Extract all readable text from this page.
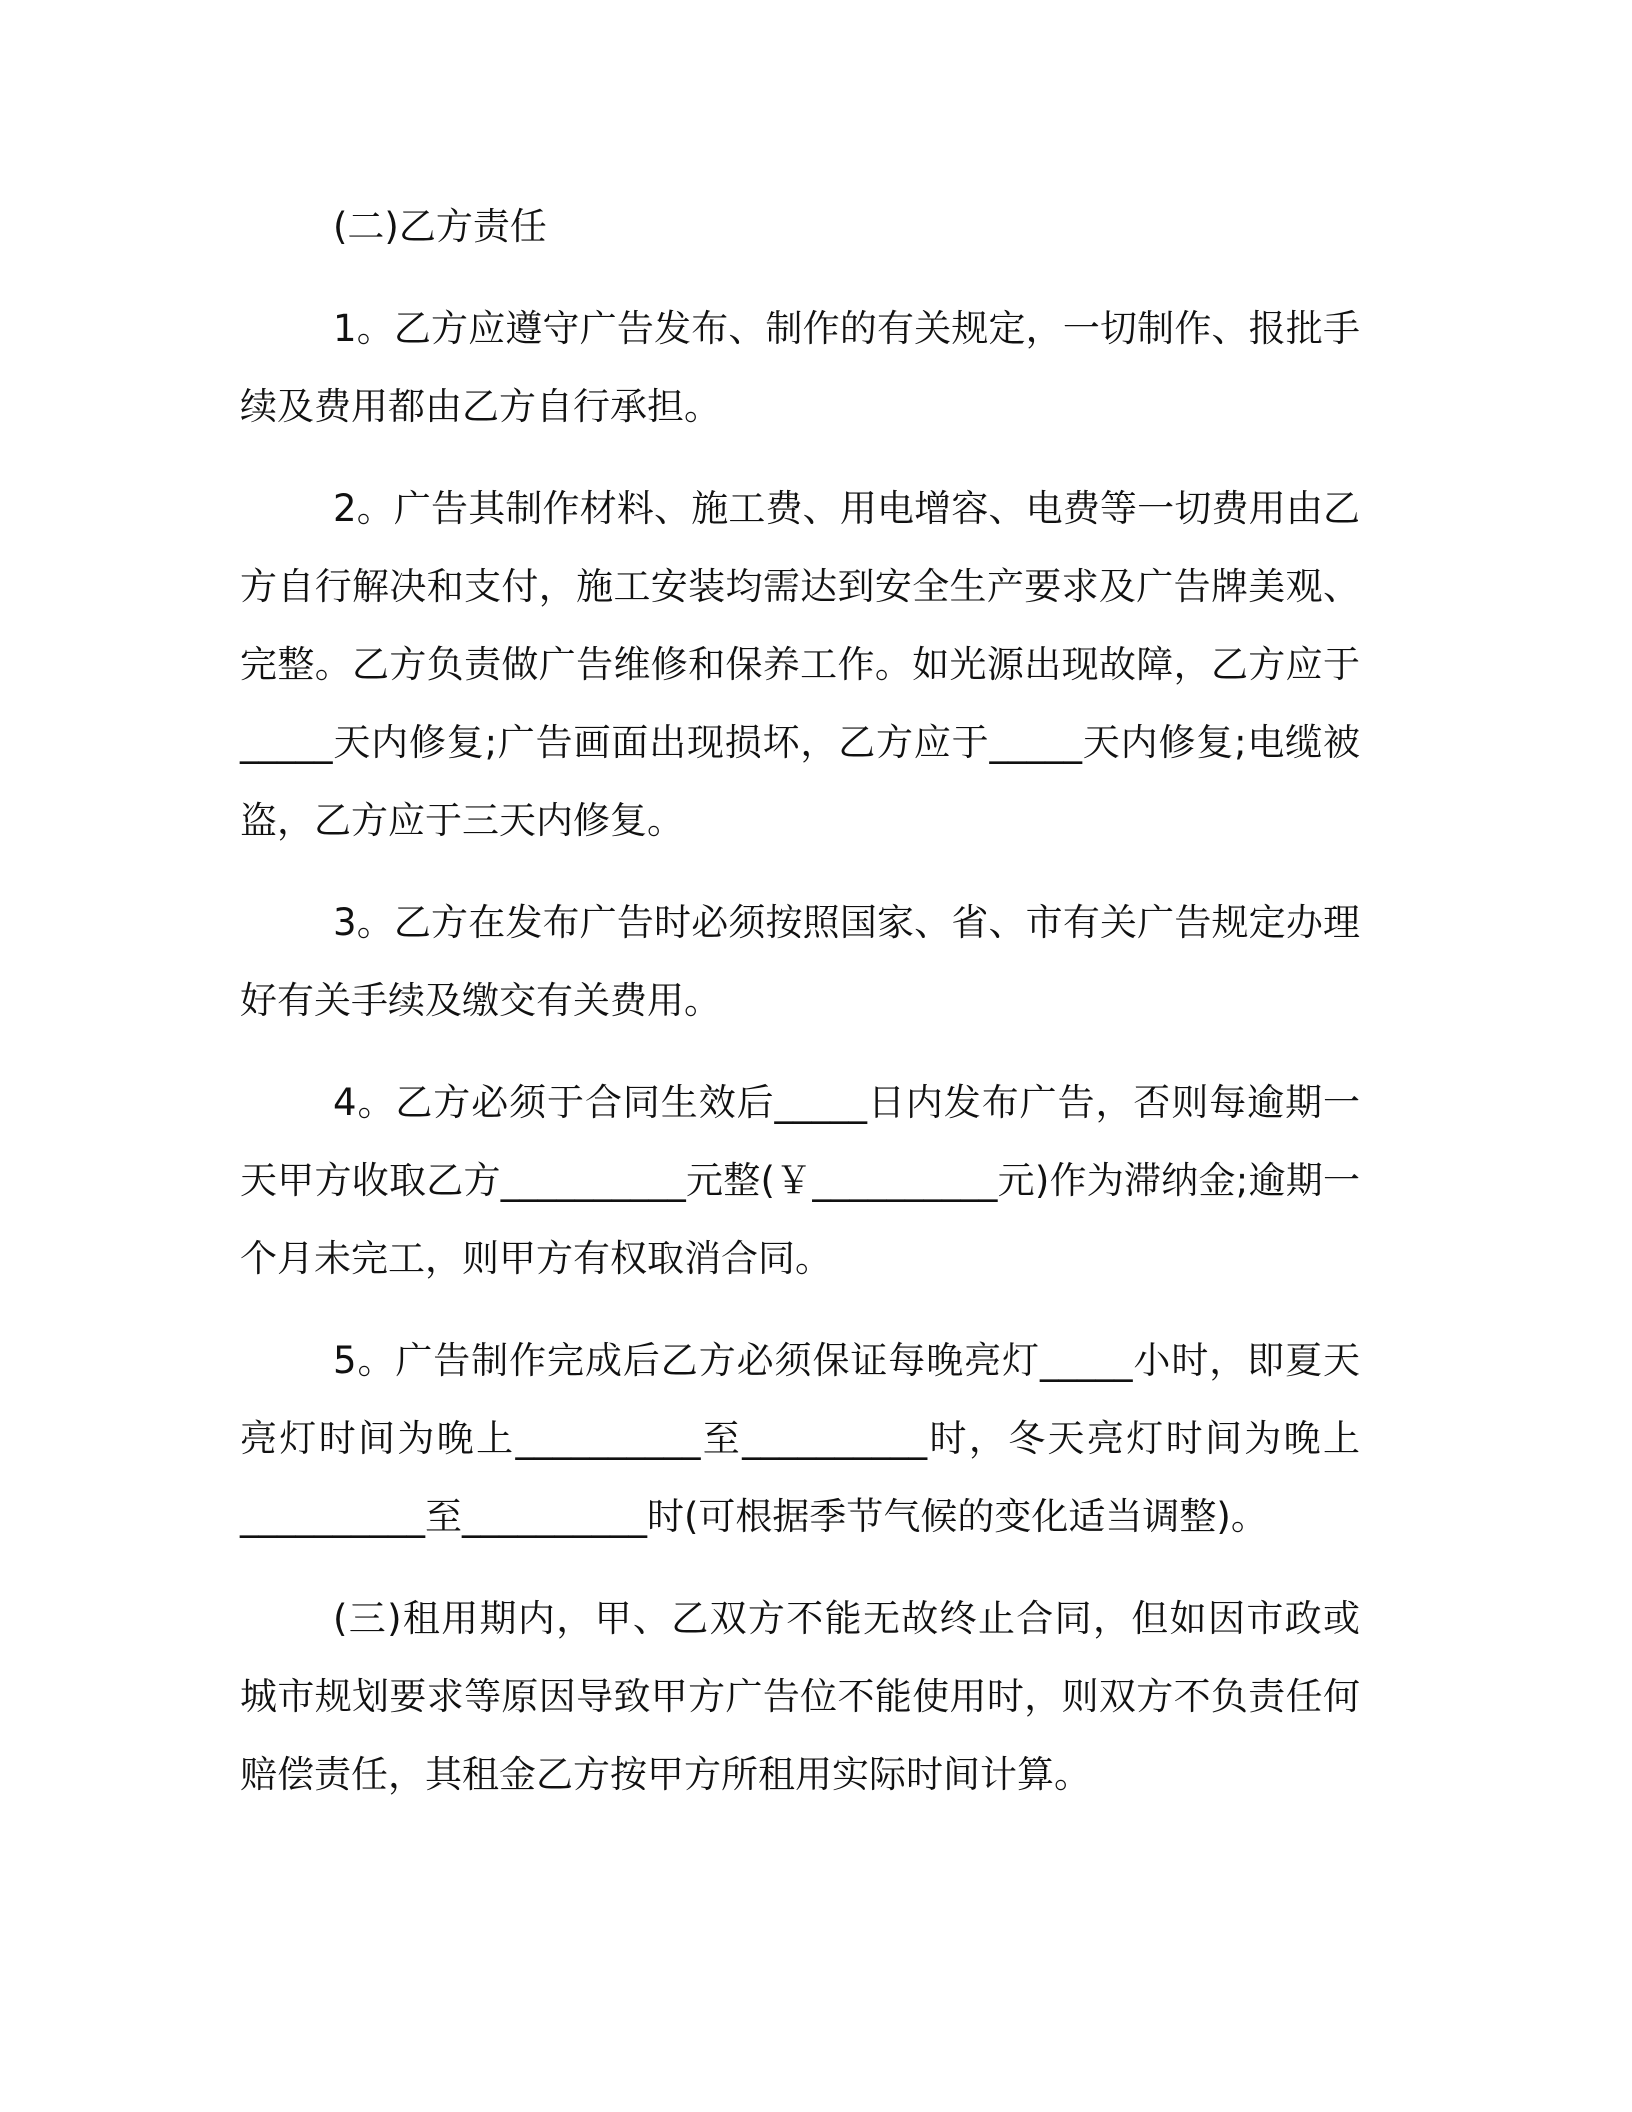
(二)乙方责任

1。乙方应遵守广告发布、制作的有关规定，一切制作、报批手续及费用都由乙方自行承担。

2。广告其制作材料、施工费、用电增容、电费等一切费用由乙方自行解决和支付，施工安装均需达到安全生产要求及广告牌美观、完整。乙方负责做广告维修和保养工作。如光源出现故障，乙方应于_____天内修复;广告画面出现损坏，乙方应于_____天内修复;电缆被盗，乙方应于三天内修复。

3。乙方在发布广告时必须按照国家、省、市有关广告规定办理好有关手续及缴交有关费用。

4。乙方必须于合同生效后_____日内发布广告，否则每逾期一天甲方收取乙方__________元整(￥__________元)作为滞纳金;逾期一个月未完工，则甲方有权取消合同。

5。广告制作完成后乙方必须保证每晚亮灯_____小时，即夏天亮灯时间为晚上__________至__________时，冬天亮灯时间为晚上__________至__________时(可根据季节气候的变化适当调整)。

(三)租用期内，甲、乙双方不能无故终止合同，但如因市政或城市规划要求等原因导致甲方广告位不能使用时，则双方不负责任何赔偿责任，其租金乙方按甲方所租用实际时间计算。
